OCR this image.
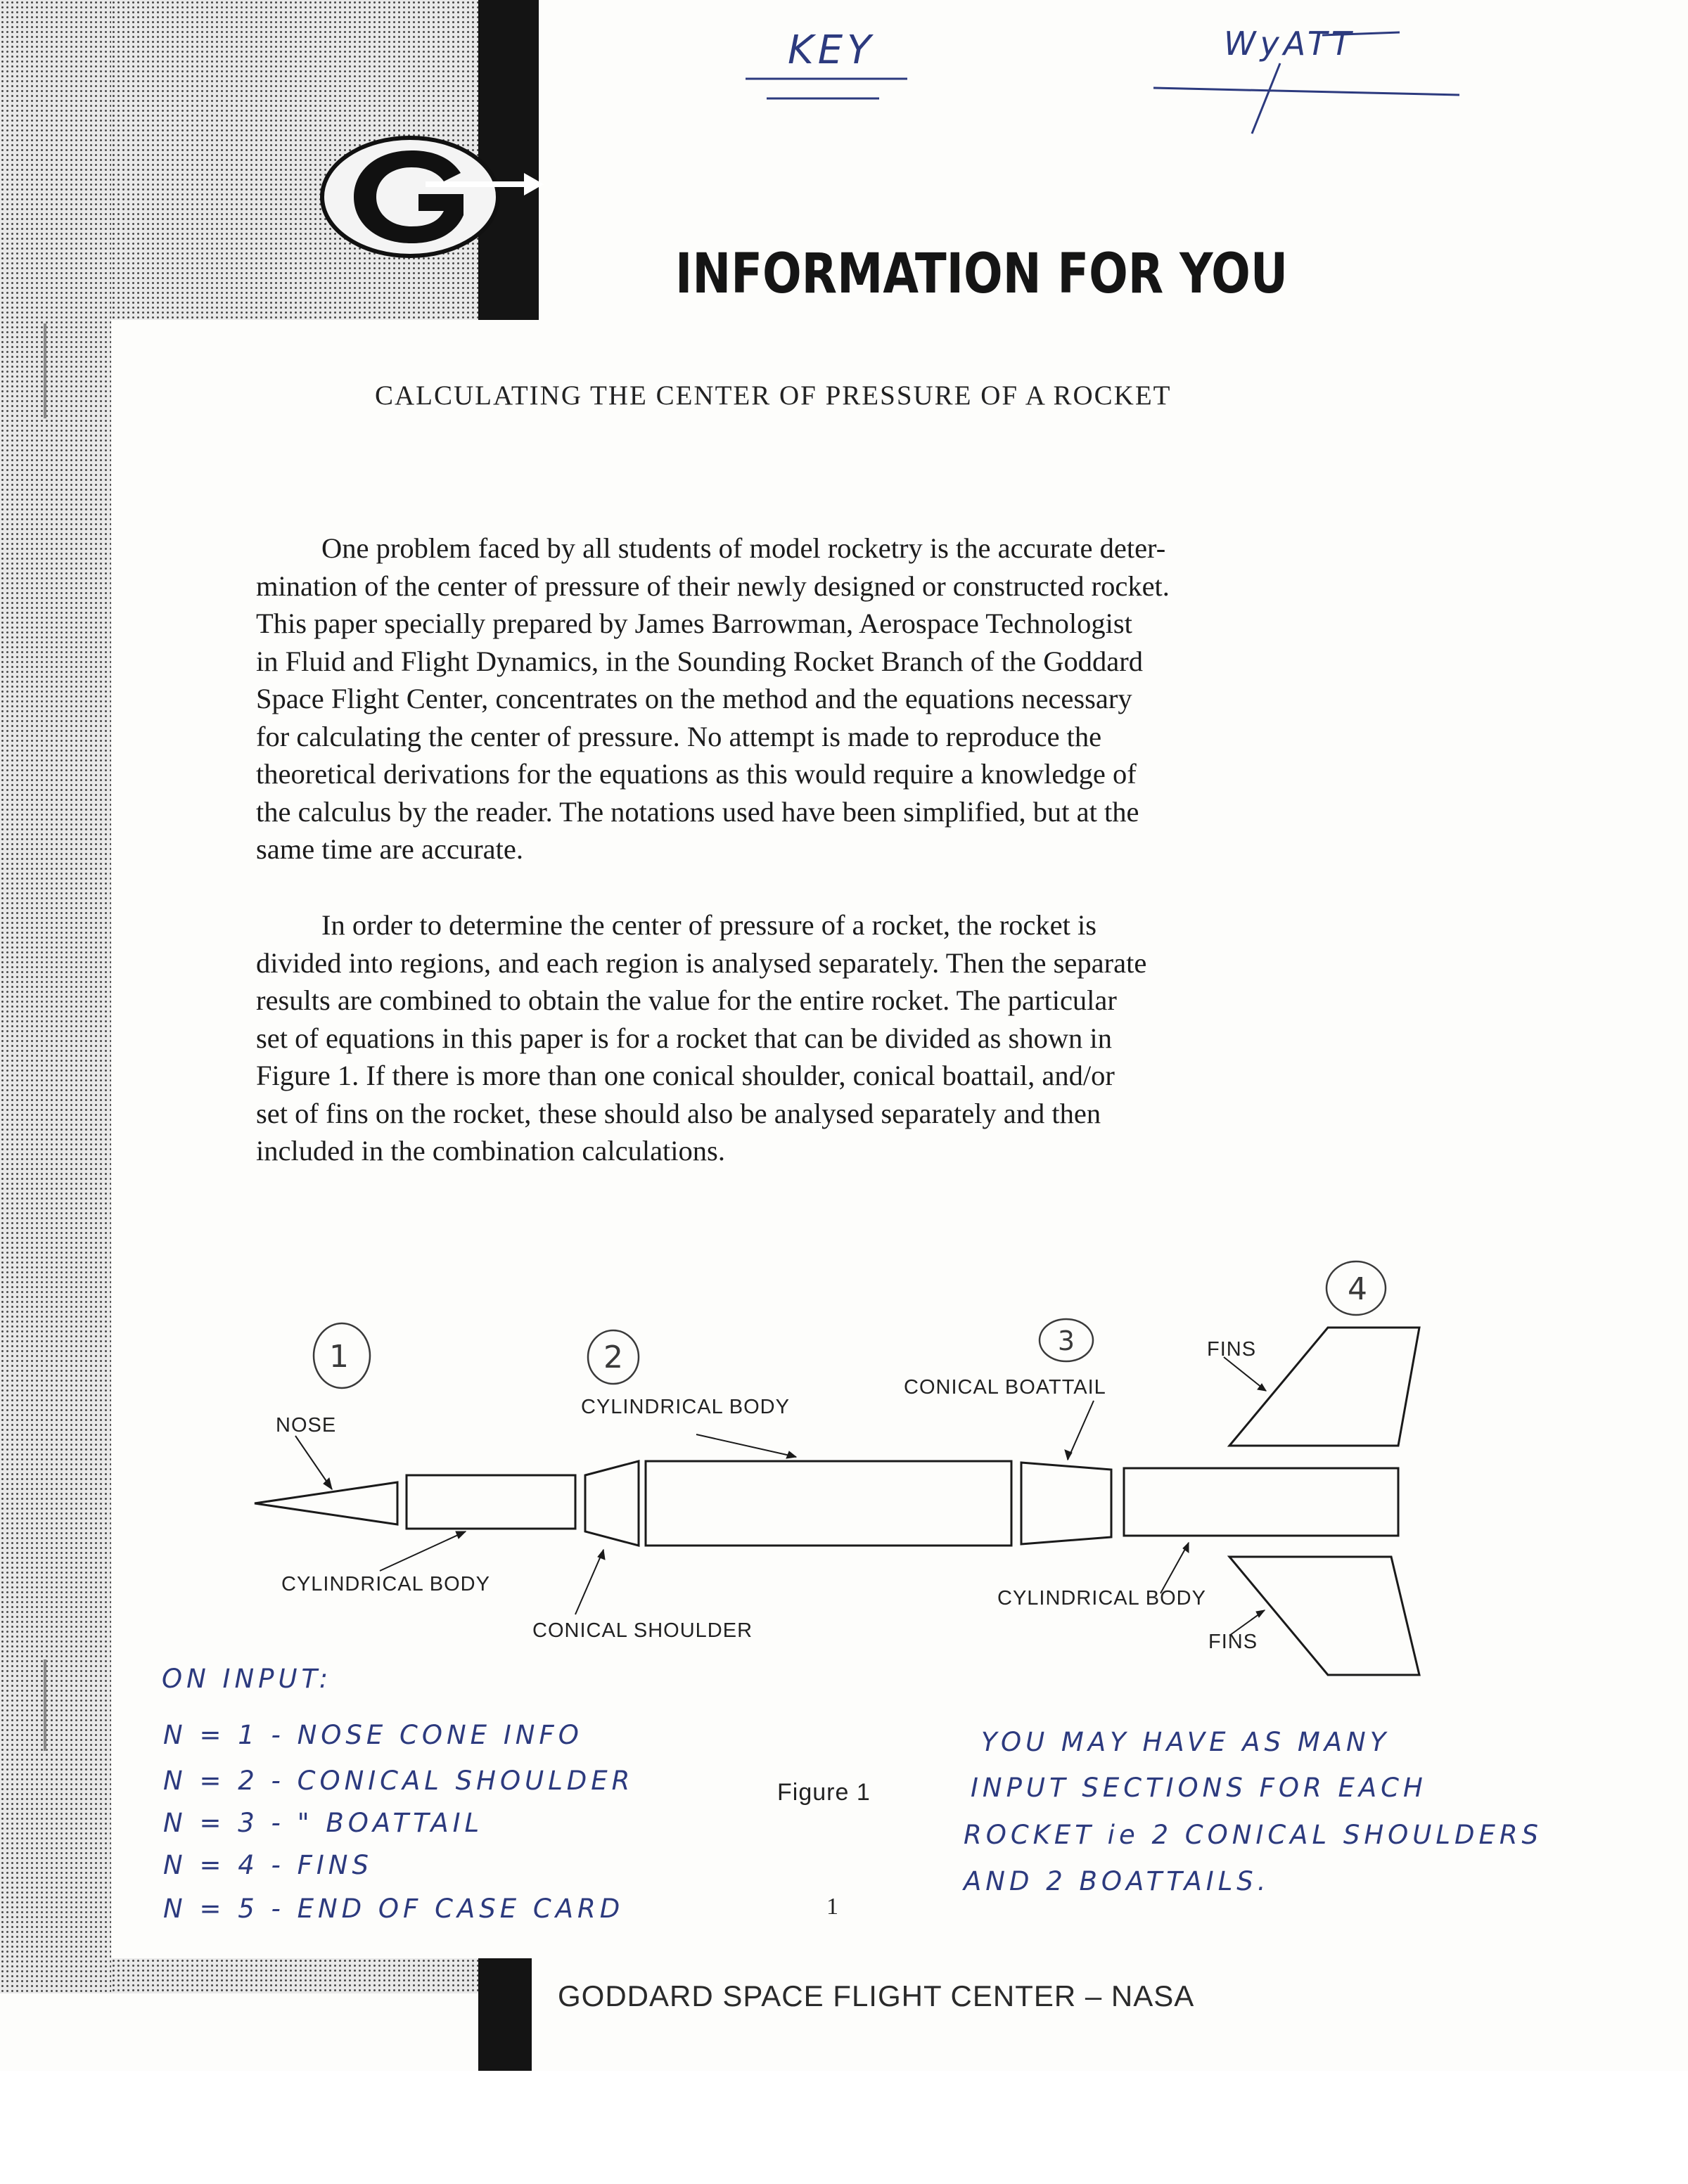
INFORMATION FOR YOU
CALCULATING THE CENTER OF PRESSURE OF A ROCKET
One problem faced by all students of model rocketry is the accurate deter-
mination of the center of pressure of their newly designed or constructed rocket.
This paper specially prepared by James Barrowman, Aerospace Technologist
in Fluid and Flight Dynamics, in the Sounding Rocket Branch of the Goddard
Space Flight Center, concentrates on the method and the equations necessary
for calculating the center of pressure. No attempt is made to reproduce the
theoretical derivations for the equations as this would require a knowledge of
the calculus by the reader. The notations used have been simplified, but at the
same time are accurate.
In order to determine the center of pressure of a rocket, the rocket is
divided into regions, and each region is analysed separately. Then the separate
results are combined to obtain the value for the entire rocket. The particular
set of equations in this paper is for a rocket that can be divided as shown in
Figure 1. If there is more than one conical shoulder, conical boattail, and/or
set of fins on the rocket, these should also be analysed separately and then
included in the combination calculations.
1	2	3
4
NOSE
CYLINDRICAL BODY
CONICAL BOATTAIL
FINS
CYLINDRICAL BODY
CONICAL SHOULDER
CYLINDRICAL BODY
FINS
Figure 1
1
GODDARD SPACE FLIGHT CENTER – NASA
KEY	WyATT
ON INPUT:
N = 1 - NOSE CONE INFO
N = 2 - CONICAL SHOULDER
N = 3 - " BOATTAIL
N = 4 - FINS
N = 5 - END OF CASE CARD
YOU MAY HAVE AS MANY
INPUT SECTIONS FOR EACH
ROCKET ie 2 CONICAL SHOULDERS
AND 2 BOATTAILS.
